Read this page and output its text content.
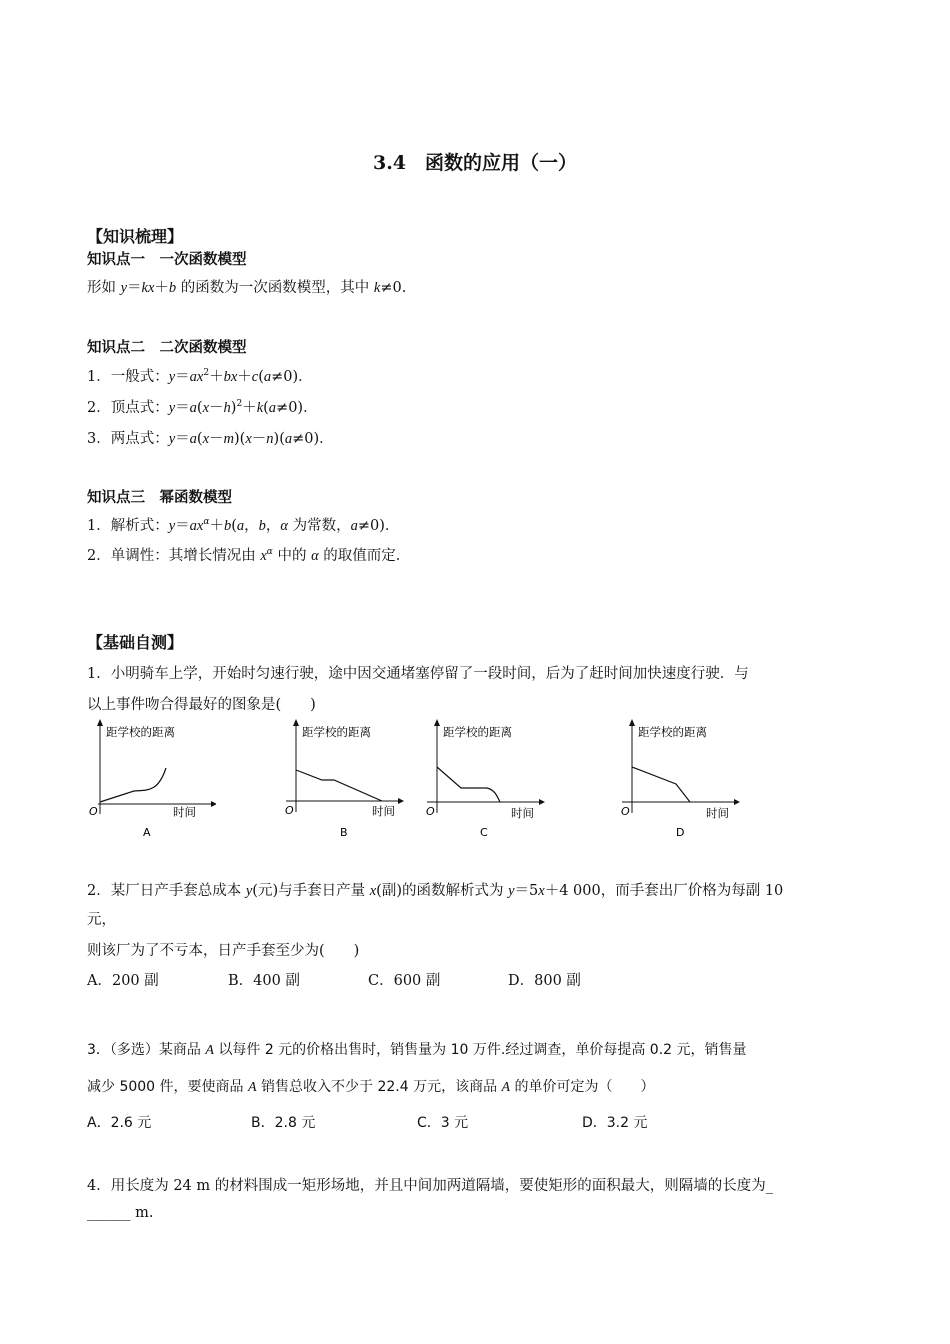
3.4　函数的应用（一）
【知识梳理】
知识点一　一次函数模型
形如 y＝kx＋b 的函数为一次函数模型，其中 k≠0.
知识点二　二次函数模型
1．一般式：$y=ax^2+bx+c(a\ne 0)$．
2．顶点式：$y=a(x-h)^2+k(a\ne 0)$．
3．两点式：y＝a(x－m)(x－n)(a≠0)．
知识点三　幂函数模型
1．解析式：$y=ax^\alpha+b(a$，b，α 为常数，a≠0)．
2．单调性：其增长情况由 $x^\alpha$ 中的 α 的取值而定．
【基础自测】
1．小明骑车上学，开始时匀速行驶，途中因交通堵塞停留了一段时间，后为了赶时间加快速度行驶．与
以上事件吻合得最好的图象是(　　)
距学校的距离
时间
O
A
距学校的距离
时间
O
B
距学校的距离
时间
O
C
距学校的距离
时间
O
D
2．某厂日产手套总成本 y(元)与手套日产量 x(副)的函数解析式为 y＝5x＋4 000，而手套出厂价格为每副 10
元，
则该厂为了不亏本，日产手套至少为(　　)
A．200 副	B．400 副	C．600 副	D．800 副
3．（多选）某商品 A 以每件 2 元的价格出售时，销售量为 10 万件.经过调查，单价每提高 0.2 元，销售量
减少 5000 件，要使商品 A 销售总收入不少于 22.4 万元，该商品 A 的单价可定为（　　）
A．2.6 元	B．2.8 元	C．3 元	D．3.2 元
4．用长度为 24 m 的材料围成一矩形场地，并且中间加两道隔墙，要使矩形的面积最大，则隔墙的长度为_
______ m.
